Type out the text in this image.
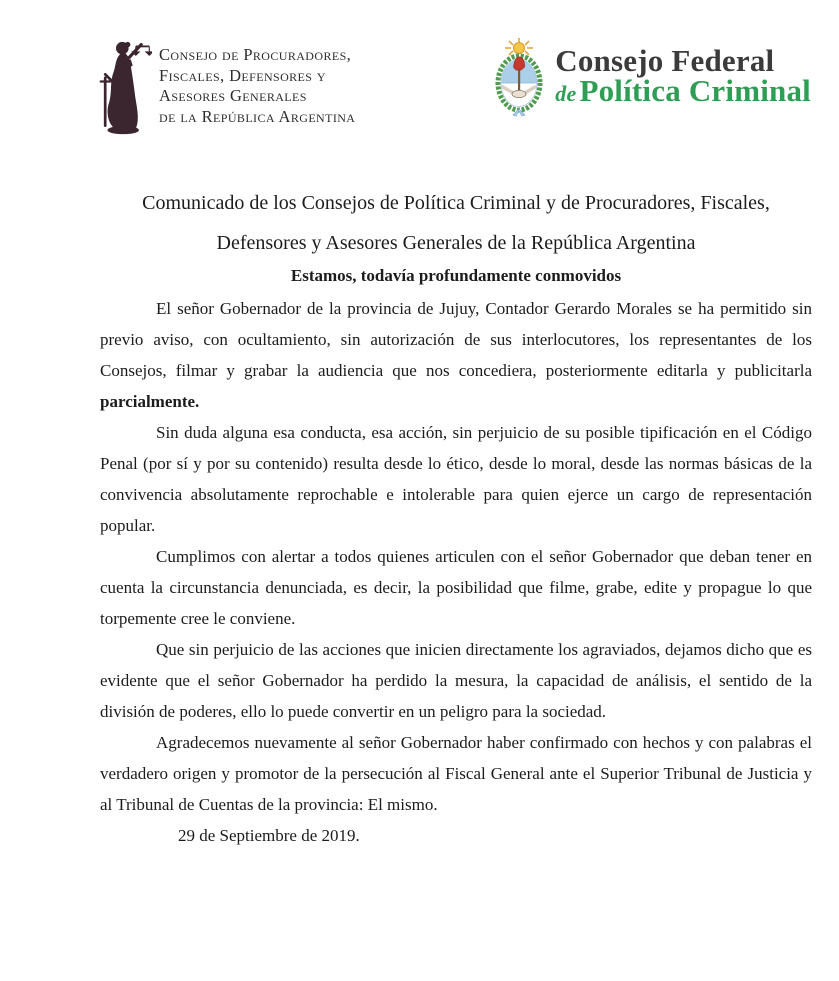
Consejo de Procuradores,
Fiscales, Defensores y
Asesores Generales
de la República Argentina
Consejo Federal
dePolítica Criminal
Comunicado de los Consejos de Política Criminal y de Procuradores, Fiscales,
Defensores y Asesores Generales de la República Argentina
Estamos, todavía profundamente conmovidos

El señor Gobernador de la provincia de Jujuy, Contador Gerardo Morales se ha permitido sin previo aviso, con ocultamiento, sin autorización de sus interlocutores, los representantes de los Consejos, filmar y grabar la audiencia que nos concediera, posteriormente editarla y publicitarla parcialmente.

Sin duda alguna esa conducta, esa acción, sin perjuicio de su posible tipificación en el Código Penal (por sí y por su contenido) resulta desde lo ético, desde lo moral, desde las normas básicas de la convivencia absolutamente reprochable e intolerable para quien ejerce un cargo de representación popular.

Cumplimos con alertar a todos quienes articulen con el señor Gobernador que deban tener en cuenta la circunstancia denunciada, es decir, la posibilidad que filme, grabe, edite y propague lo que torpemente cree le conviene.

Que sin perjuicio de las acciones que inicien directamente los agraviados, dejamos dicho que es evidente que el señor Gobernador ha perdido la mesura, la capacidad de análisis, el sentido de la división de poderes, ello lo puede convertir en un peligro para la sociedad.

Agradecemos nuevamente al señor Gobernador haber confirmado con hechos y con palabras el verdadero origen y promotor de la persecución al Fiscal General ante el Superior Tribunal de Justicia y al Tribunal de Cuentas de la provincia: El mismo.

29 de Septiembre de 2019.
